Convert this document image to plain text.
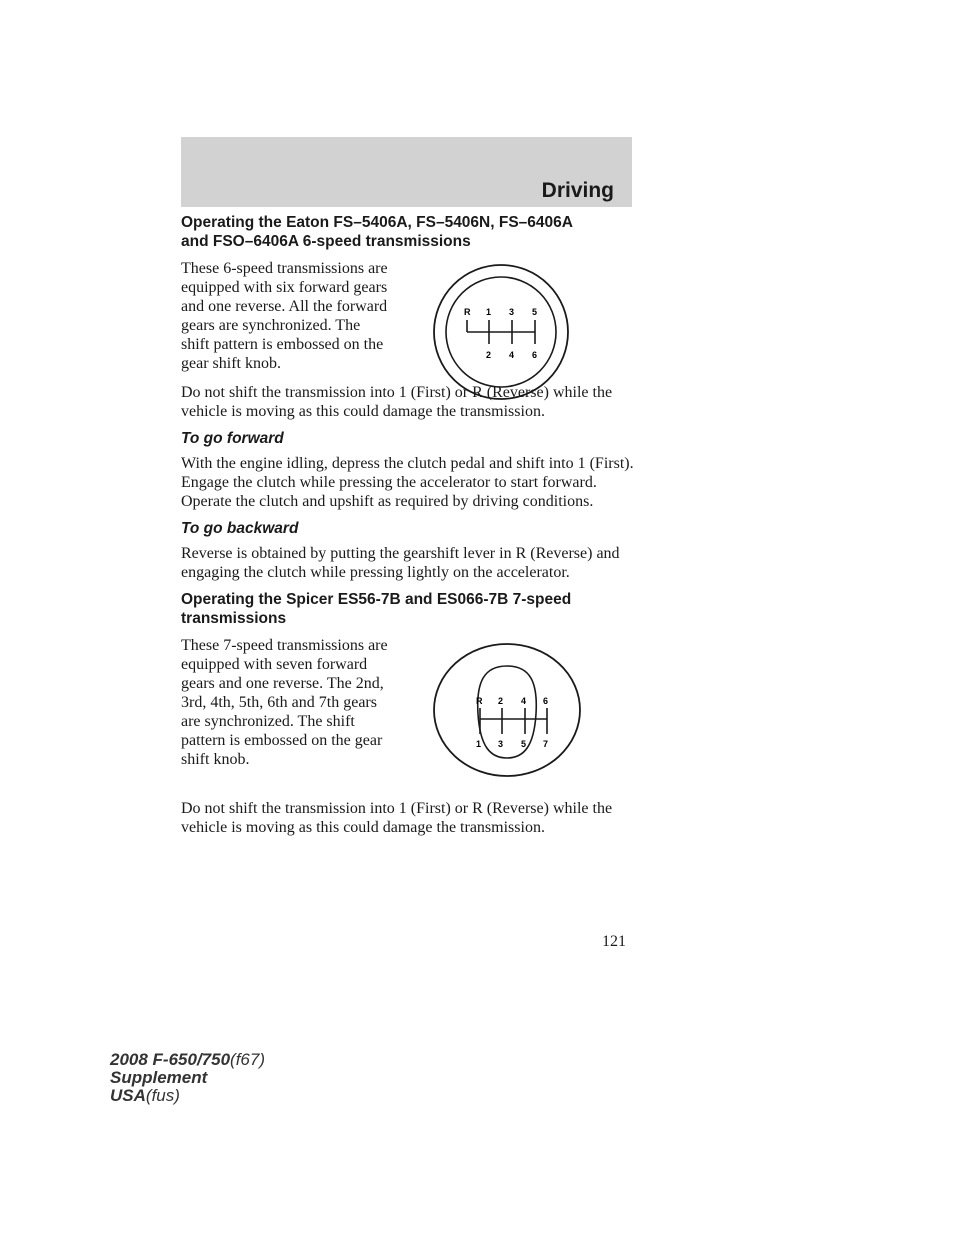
Driving
Operating the Eaton FS–5406A, FS–5406N, FS–6406A and FSO–6406A 6-speed transmissions

These 6-speed transmissions are equipped with six forward gears and one reverse. All the forward gears are synchronized. The shift pattern is embossed on the gear shift knob.

Do not shift the transmission into 1 (First) or R (Reverse) while the vehicle is moving as this could damage the transmission.

To go forward

With the engine idling, depress the clutch pedal and shift into 1 (First). Engage the clutch while pressing the accelerator to start forward. Operate the clutch and upshift as required by driving conditions.

To go backward

Reverse is obtained by putting the gearshift lever in R (Reverse) and engaging the clutch while pressing lightly on the accelerator.

Operating the Spicer ES56-7B and ES066-7B 7-speed transmissions

These 7-speed transmissions are equipped with seven forward gears and one reverse. The 2nd, 3rd, 4th, 5th, 6th and 7th gears are synchronized. The shift pattern is embossed on the gear shift knob.

Do not shift the transmission into 1 (First) or R (Reverse) while the vehicle is moving as this could damage the transmission.

R 1 3 5
2 4 6
R 2 4 6
1 3 5 7
121
2008 F-650/750(f67)
Supplement
USA(fus)
